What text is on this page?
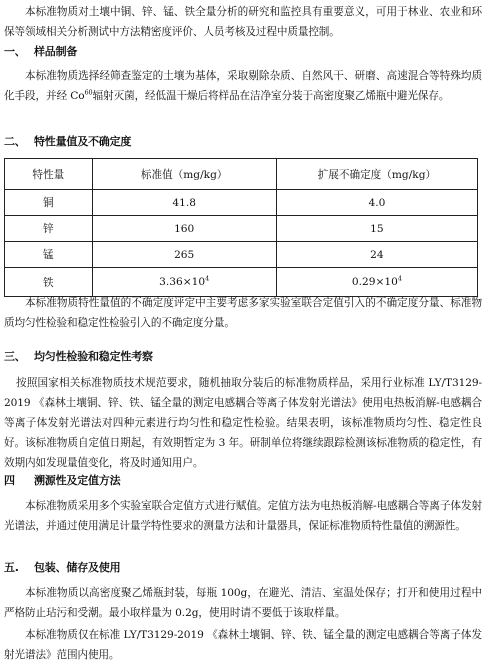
本标准物质对土壤中铜、锌、锰、铁全量分析的研究和监控具有重要意义，可用于林业、农业和环保等领域相关分析测试中方法精密度评价、人员考核及过程中质量控制。

一、 样品制备

本标准物质选择经筛查鉴定的土壤为基体，采取剔除杂质、自然风干、研磨、高速混合等特殊均质化手段，并经 Co$^{60}$辐射灭菌，经低温干燥后将样品在洁净室分装于高密度聚乙烯瓶中避光保存。

二、 特性量值及不确定度
特性量	标准值（mg/kg）	扩展不确定度（mg/kg）
铜	41.8	4.0
锌	160	15
锰	265	24
铁	$3.36\times 10^4$	$0.29\times 10^4$

本标准物质特性量值的不确定度评定中主要考虑多家实验室联合定值引入的不确定度分量、标准物质均匀性检验和稳定性检验引入的不确定度分量。

三、 均匀性检验和稳定性考察

按照国家相关标准物质技术规范要求，随机抽取分装后的标准物质样品，采用行业标准 LY/T3129-2019 《森林土壤铜、锌、铁、锰全量的测定电感耦合等离子体发射光谱法》使用电热板消解-电感耦合等离子体发射光谱法对四种元素进行均匀性和稳定性检验。结果表明，该标准物质均匀性、稳定性良好。该标准物质自定值日期起，有效期暂定为 3 年。研制单位将继续跟踪检测该标准物质的稳定性，有效期内如发现量值变化，将及时通知用户。

四 溯源性及定值方法

本标准物质采用多个实验室联合定值方式进行赋值。定值方法为电热板消解-电感耦合等离子体发射光谱法，并通过使用满足计量学特性要求的测量方法和计量器具，保证标准物质特性量值的溯源性。

五. 包装、储存及使用

本标准物质以高密度聚乙烯瓶封装，每瓶 100g，在避光、清洁、室温处保存；打开和使用过程中严格防止玷污和受潮。最小取样量为 0.2g，使用时请不要低于该取样量。

本标准物质仅在标准 LY/T3129-2019 《森林土壤铜、锌、铁、锰全量的测定电感耦合等离子体发射光谱法》范围内使用。
